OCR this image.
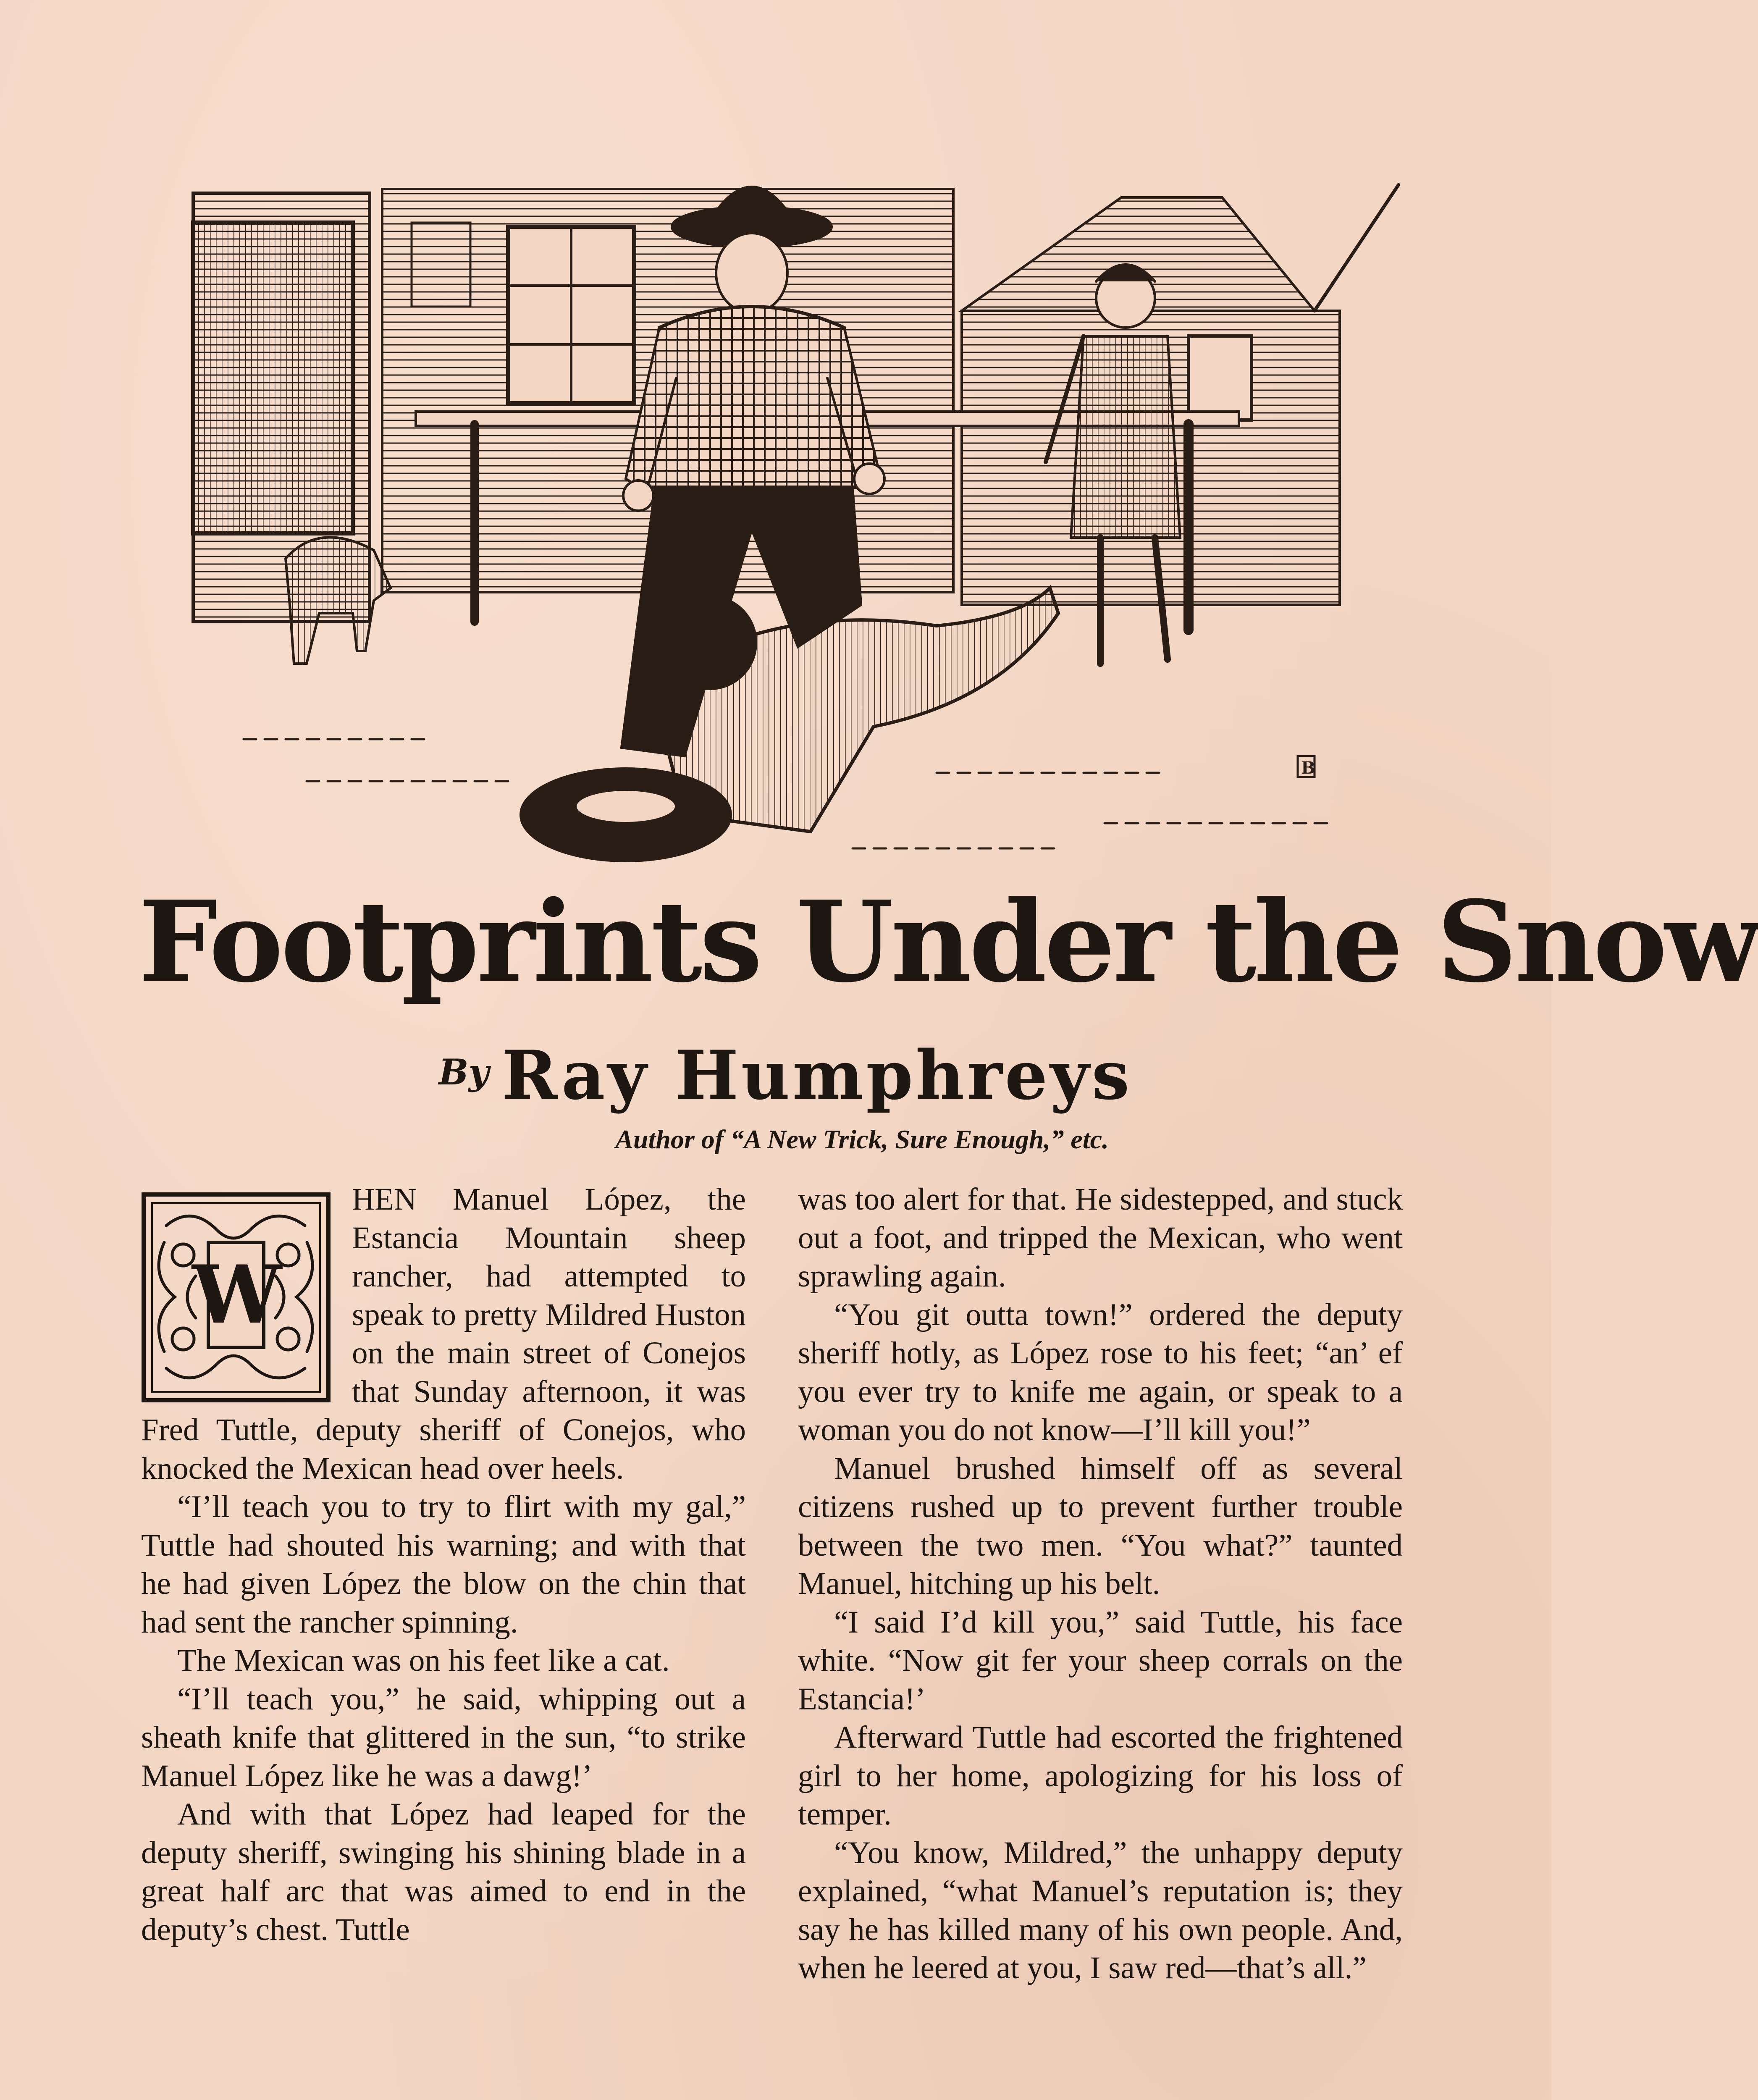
B
Footprints Under the Snow
By Ray Humphreys
Author of “A New Trick, Sure Enough,” etc.
W

HEN Manuel López, the Estancia Mountain sheep rancher, had attempted to speak to pretty Mildred Huston on the main street of Conejos that Sunday afternoon, it was Fred Tuttle, deputy sheriff of Conejos, who knocked the Mexican head over heels.

“I’ll teach you to try to flirt with my gal,” Tuttle had shouted his warning; and with that he had given López the blow on the chin that had sent the rancher spinning.

The Mexican was on his feet like a cat.

“I’ll teach you,” he said, whipping out a sheath knife that glittered in the sun, “to strike Manuel López like he was a dawg!’

And with that López had leaped for the deputy sheriff, swinging his shining blade in a great half arc that was aimed to end in the deputy’s chest. Tuttle

was too alert for that. He sidestepped, and stuck out a foot, and tripped the Mexican, who went sprawling again.

“You git outta town!” ordered the deputy sheriff hotly, as López rose to his feet; “an’ ef you ever try to knife me again, or speak to a woman you do not know—I’ll kill you!”

Manuel brushed himself off as several citizens rushed up to prevent further trouble between the two men. “You what?” taunted Manuel, hitching up his belt.

“I said I’d kill you,” said Tuttle, his face white. “Now git fer your sheep corrals on the Estancia!’

Afterward Tuttle had escorted the frightened girl to her home, apologizing for his loss of temper.

“You know, Mildred,” the unhappy deputy explained, “what Manuel’s reputation is; they say he has killed many of his own people. And, when he leered at you, I saw red—that’s all.”
